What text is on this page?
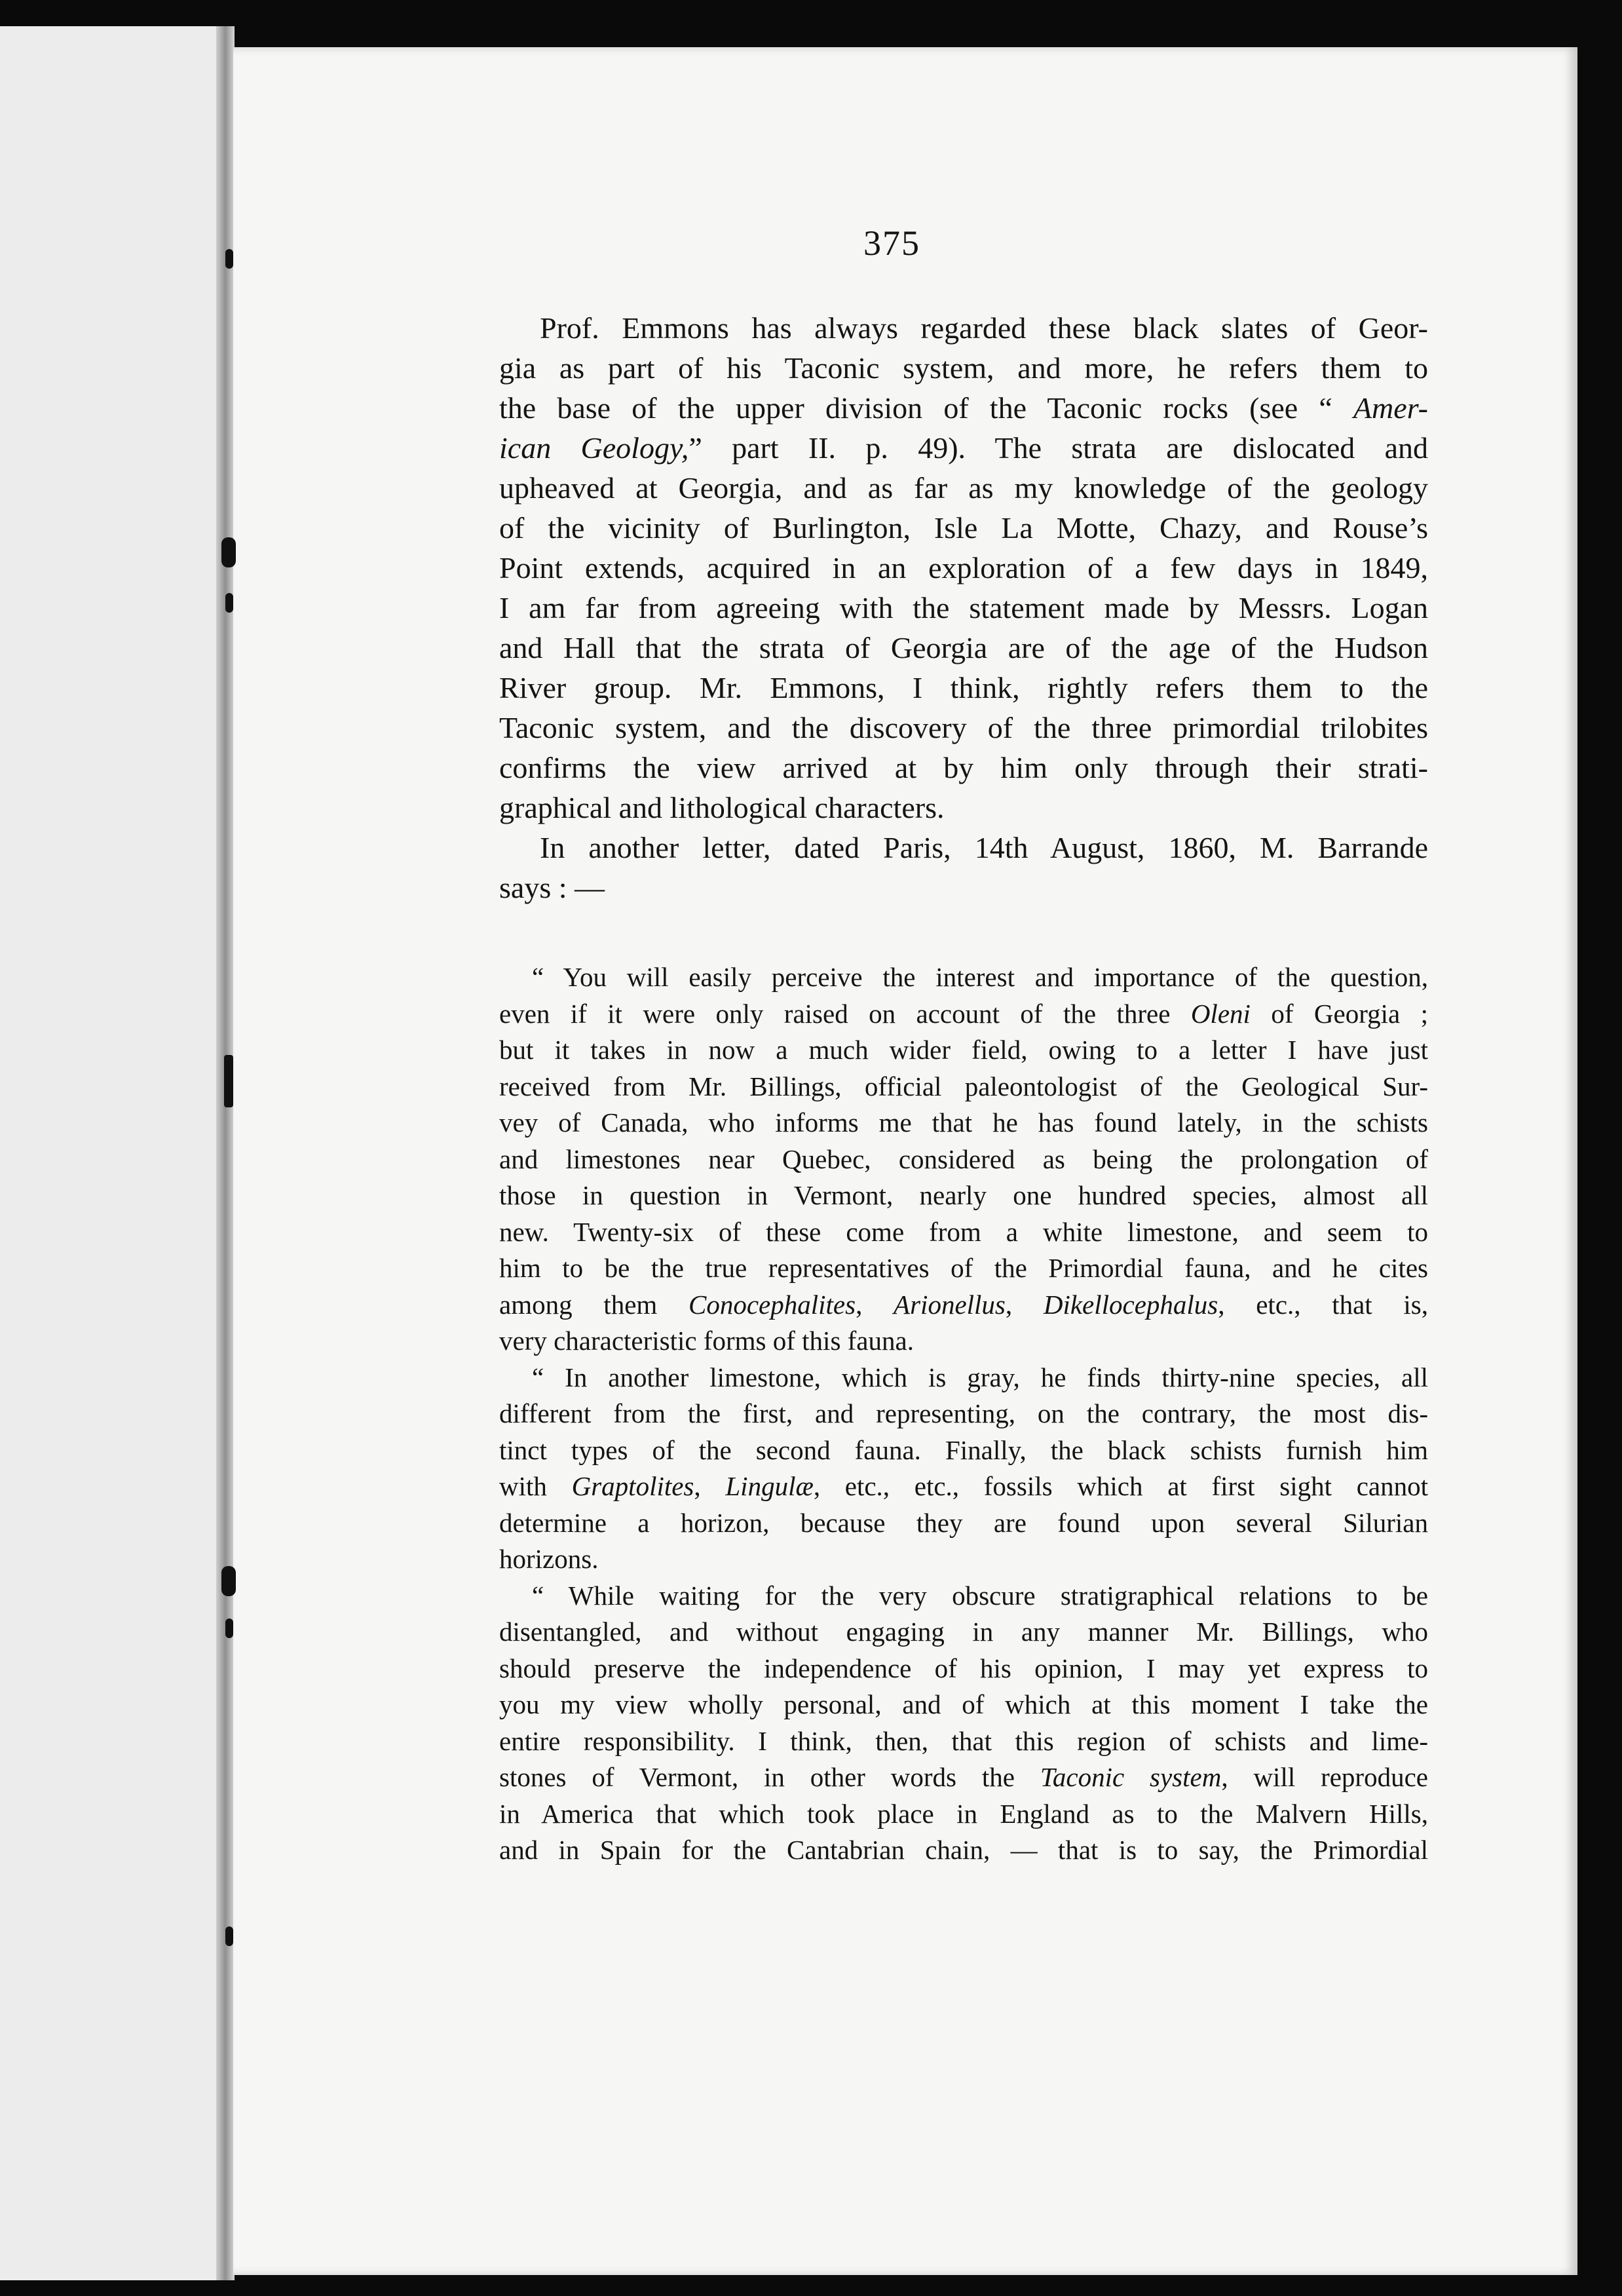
375

Prof. Emmons has always regarded these black slates of Geor-
gia as part of his Taconic system, and more, he refers them to
the base of the upper division of the Taconic rocks (see “ Amer-
ican Geology,” part II. p. 49). The strata are dislocated and
upheaved at Georgia, and as far as my knowledge of the geology
of the vicinity of Burlington, Isle La Motte, Chazy, and Rouse’s
Point extends, acquired in an exploration of a few days in 1849,
I am far from agreeing with the statement made by Messrs. Logan
and Hall that the strata of Georgia are of the age of the Hudson
River group. Mr. Emmons, I think, rightly refers them to the
Taconic system, and the discovery of the three primordial trilobites
confirms the view arrived at by him only through their strati-
graphical and lithological characters.

In another letter, dated Paris, 14th August, 1860, M. Barrande
says : —

“ You will easily perceive the interest and importance of the question,
even if it were only raised on account of the three Oleni of Georgia ;
but it takes in now a much wider field, owing to a letter I have just
received from Mr. Billings, official paleontologist of the Geological Sur-
vey of Canada, who informs me that he has found lately, in the schists
and limestones near Quebec, considered as being the prolongation of
those in question in Vermont, nearly one hundred species, almost all
new. Twenty-six of these come from a white limestone, and seem to
him to be the true representatives of the Primordial fauna, and he cites
among them Conocephalites, Arionellus, Dikellocephalus, etc., that is,
very characteristic forms of this fauna.

“ In another limestone, which is gray, he finds thirty-nine species, all
different from the first, and representing, on the contrary, the most dis-
tinct types of the second fauna. Finally, the black schists furnish him
with Graptolites, Lingulæ, etc., etc., fossils which at first sight cannot
determine a horizon, because they are found upon several Silurian
horizons.

“ While waiting for the very obscure stratigraphical relations to be
disentangled, and without engaging in any manner Mr. Billings, who
should preserve the independence of his opinion, I may yet express to
you my view wholly personal, and of which at this moment I take the
entire responsibility. I think, then, that this region of schists and lime-
stones of Vermont, in other words the Taconic system, will reproduce
in America that which took place in England as to the Malvern Hills,
and in Spain for the Cantabrian chain, — that is to say, the Primordial
